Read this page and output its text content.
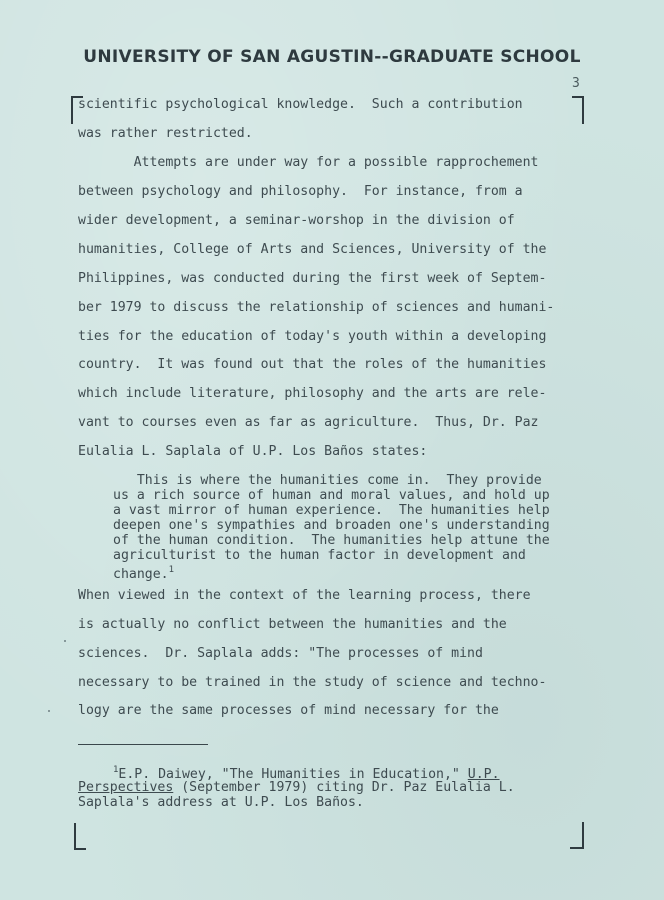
UNIVERSITY OF SAN AGUSTIN--GRADUATE SCHOOL
3
scientific psychological knowledge.  Such a contribution
was rather restricted.
Attempts are under way for a possible rapprochement
between psychology and philosophy.  For instance, from a
wider development, a seminar-worshop in the division of
humanities, College of Arts and Sciences, University of the
Philippines, was conducted during the first week of Septem-
ber 1979 to discuss the relationship of sciences and humani-
ties for the education of today's youth within a developing
country.  It was found out that the roles of the humanities
which include literature, philosophy and the arts are rele-
vant to courses even as far as agriculture.  Thus, Dr. Paz
Eulalia L. Saplala of U.P. Los Baños states:
This is where the humanities come in.  They provide
us a rich source of human and moral values, and hold up
a vast mirror of human experience.  The humanities help
deepen one's sympathies and broaden one's understanding
of the human condition.  The humanities help attune the
agriculturist to the human factor in development and
change.$^1$
When viewed in the context of the learning process, there
is actually no conflict between the humanities and the
sciences.  Dr. Saplala adds: "The processes of mind
necessary to be trained in the study of science and techno-
logy are the same processes of mind necessary for the
$^1$E.P. Daiwey, "The Humanities in Education," U.P.
Perspectives (September 1979) citing Dr. Paz Eulalia L.
Saplala's address at U.P. Los Baños.
